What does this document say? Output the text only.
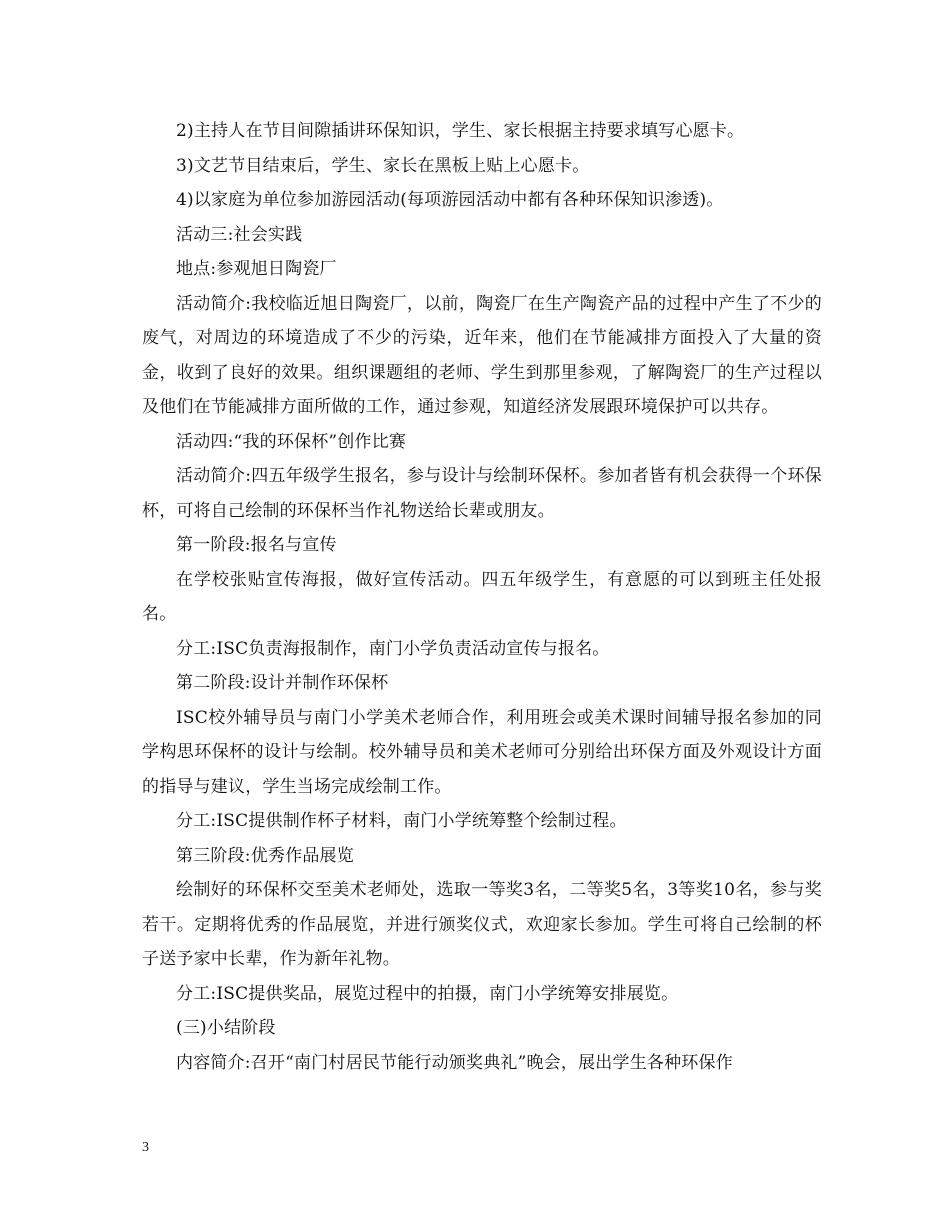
2)主持人在节目间隙插讲环保知识，学生、家长根据主持要求填写心愿卡。

3)文艺节目结束后，学生、家长在黑板上贴上心愿卡。

4)以家庭为单位参加游园活动(每项游园活动中都有各种环保知识渗透)。

活动三:社会实践

地点:参观旭日陶瓷厂

活动简介:我校临近旭日陶瓷厂，以前，陶瓷厂在生产陶瓷产品的过程中产生了不少的废气，对周边的环境造成了不少的污染，近年来，他们在节能减排方面投入了大量的资金，收到了良好的效果。组织课题组的老师、学生到那里参观，了解陶瓷厂的生产过程以及他们在节能减排方面所做的工作，通过参观，知道经济发展跟环境保护可以共存。

活动四:“我的环保杯”创作比赛

活动简介:四五年级学生报名，参与设计与绘制环保杯。参加者皆有机会获得一个环保杯，可将自己绘制的环保杯当作礼物送给长辈或朋友。

第一阶段:报名与宣传

在学校张贴宣传海报，做好宣传活动。四五年级学生，有意愿的可以到班主任处报名。

分工:ISC负责海报制作，南门小学负责活动宣传与报名。

第二阶段:设计并制作环保杯

ISC校外辅导员与南门小学美术老师合作，利用班会或美术课时间辅导报名参加的同学构思环保杯的设计与绘制。校外辅导员和美术老师可分别给出环保方面及外观设计方面的指导与建议，学生当场完成绘制工作。

分工:ISC提供制作杯子材料，南门小学统筹整个绘制过程。

第三阶段:优秀作品展览

绘制好的环保杯交至美术老师处，选取一等奖3名，二等奖5名，3等奖10名，参与奖若干。定期将优秀的作品展览，并进行颁奖仪式，欢迎家长参加。学生可将自己绘制的杯子送予家中长辈，作为新年礼物。

分工:ISC提供奖品，展览过程中的拍摄，南门小学统筹安排展览。

(三)小结阶段

内容简介:召开“南门村居民节能行动颁奖典礼”晚会，展出学生各种环保作

3
